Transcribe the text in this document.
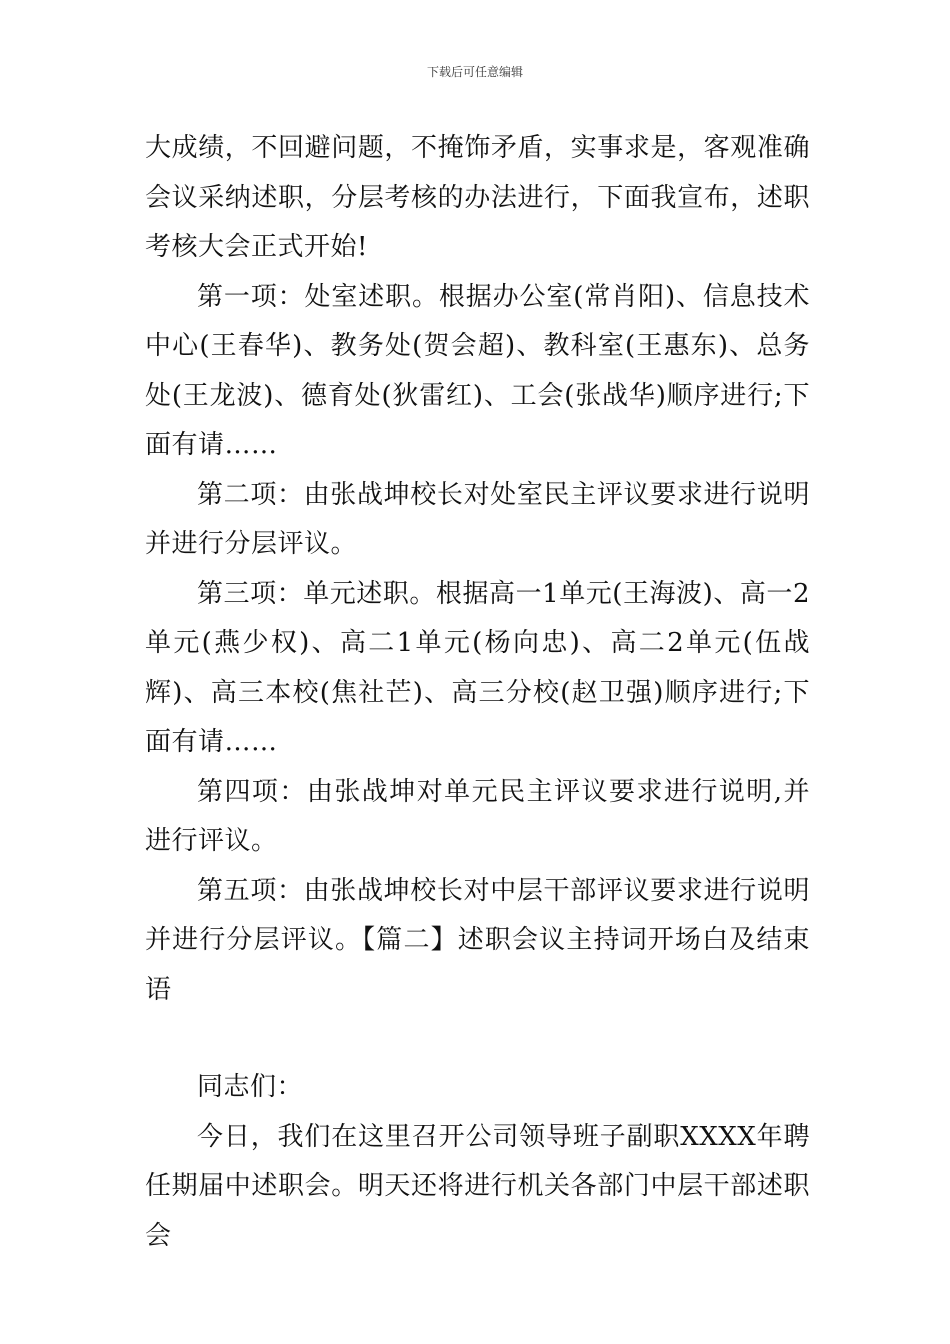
下载后可任意编辑

大成绩，不回避问题，不掩饰矛盾，实事求是，客观准确会议采纳述职，分层考核的办法进行，下面我宣布，述职考核大会正式开始!

第一项：处室述职。根据办公室(常肖阳)、信息技术中心(王春华)、教务处(贺会超)、教科室(王惠东)、总务处(王龙波)、德育处(狄雷红)、工会(张战华)顺序进行;下面有请……

第二项：由张战坤校长对处室民主评议要求进行说明并进行分层评议。

第三项：单元述职。根据高一1单元(王海波)、高一2单元(燕少权)、高二1单元(杨向忠)、高二2单元(伍战辉)、高三本校(焦社芒)、高三分校(赵卫强)顺序进行;下面有请……

第四项：由张战坤对单元民主评议要求进行说明,并进行评议。

第五项：由张战坤校长对中层干部评议要求进行说明并进行分层评议。【篇二】述职会议主持词开场白及结束语

同志们：

今日，我们在这里召开公司领导班子副职XXXX年聘任期届中述职会。明天还将进行机关各部门中层干部述职会
